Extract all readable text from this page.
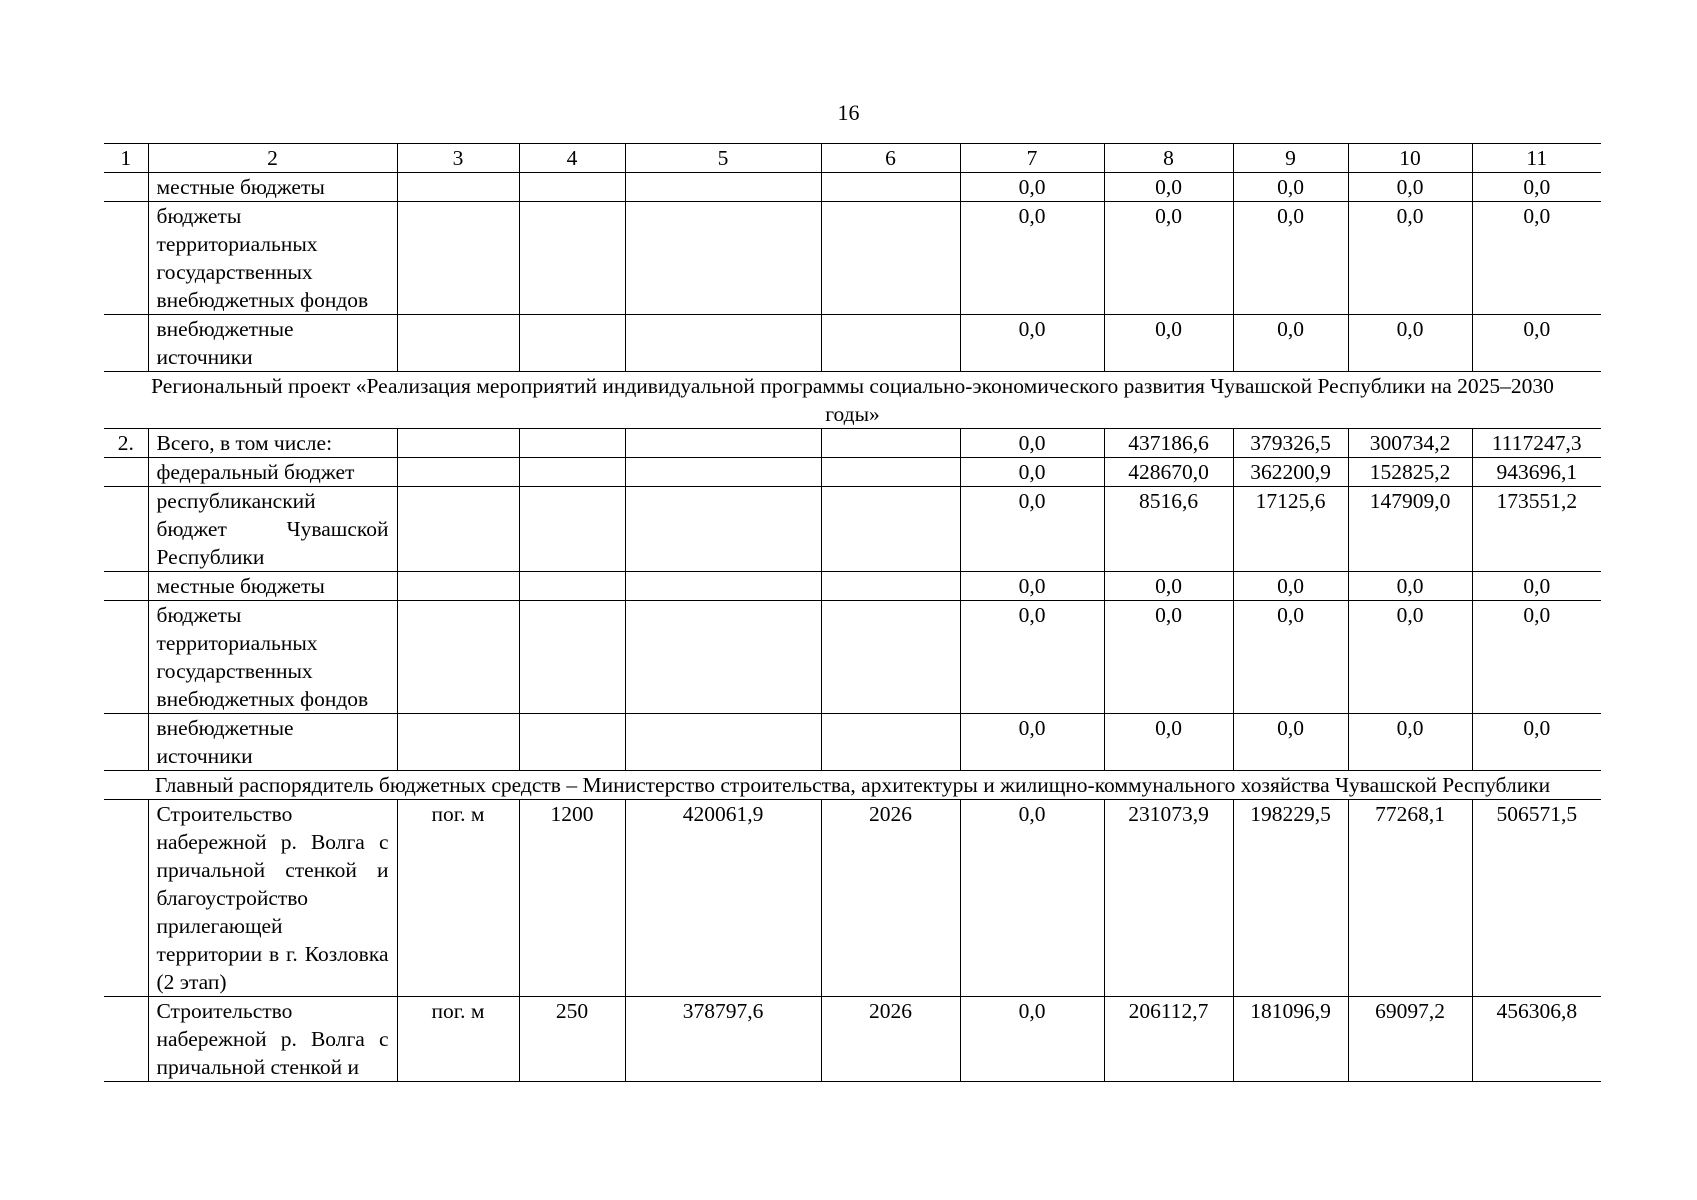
16
1	2	3	4	5	6	7	8	9	10	11
	местные бюджеты					0,0	0,0	0,0	0,0	0,0
	бюджеты территориальных государственных внебюджетных фондов					0,0	0,0	0,0	0,0	0,0
	внебюджетные источники					0,0	0,0	0,0	0,0	0,0
Региональный проект «Реализация мероприятий индивидуальной программы социально-экономического развития Чувашской Республики на 2025–2030 годы»										
2.	Всего, в том числе:					0,0	437186,6	379326,5	300734,2	1117247,3
	федеральный бюджет					0,0	428670,0	362200,9	152825,2	943696,1
	республиканский бюджет Чувашской Республики					0,0	8516,6	17125,6	147909,0	173551,2
	местные бюджеты					0,0	0,0	0,0	0,0	0,0
	бюджеты территориальных государственных внебюджетных фондов					0,0	0,0	0,0	0,0	0,0
	внебюджетные источники					0,0	0,0	0,0	0,0	0,0
Главный распорядитель бюджетных средств – Министерство строительства, архитектуры и жилищно-коммунального хозяйства Чувашской Республики										
	Строительство набережной р. Волга с причальной стенкой и благоустройство прилегающей территории в г. Козловка (2 этап)	пог. м	1200	420061,9	2026	0,0	231073,9	198229,5	77268,1	506571,5
	Строительство набережной р. Волга с причальной стенкой и	пог. м	250	378797,6	2026	0,0	206112,7	181096,9	69097,2	456306,8
